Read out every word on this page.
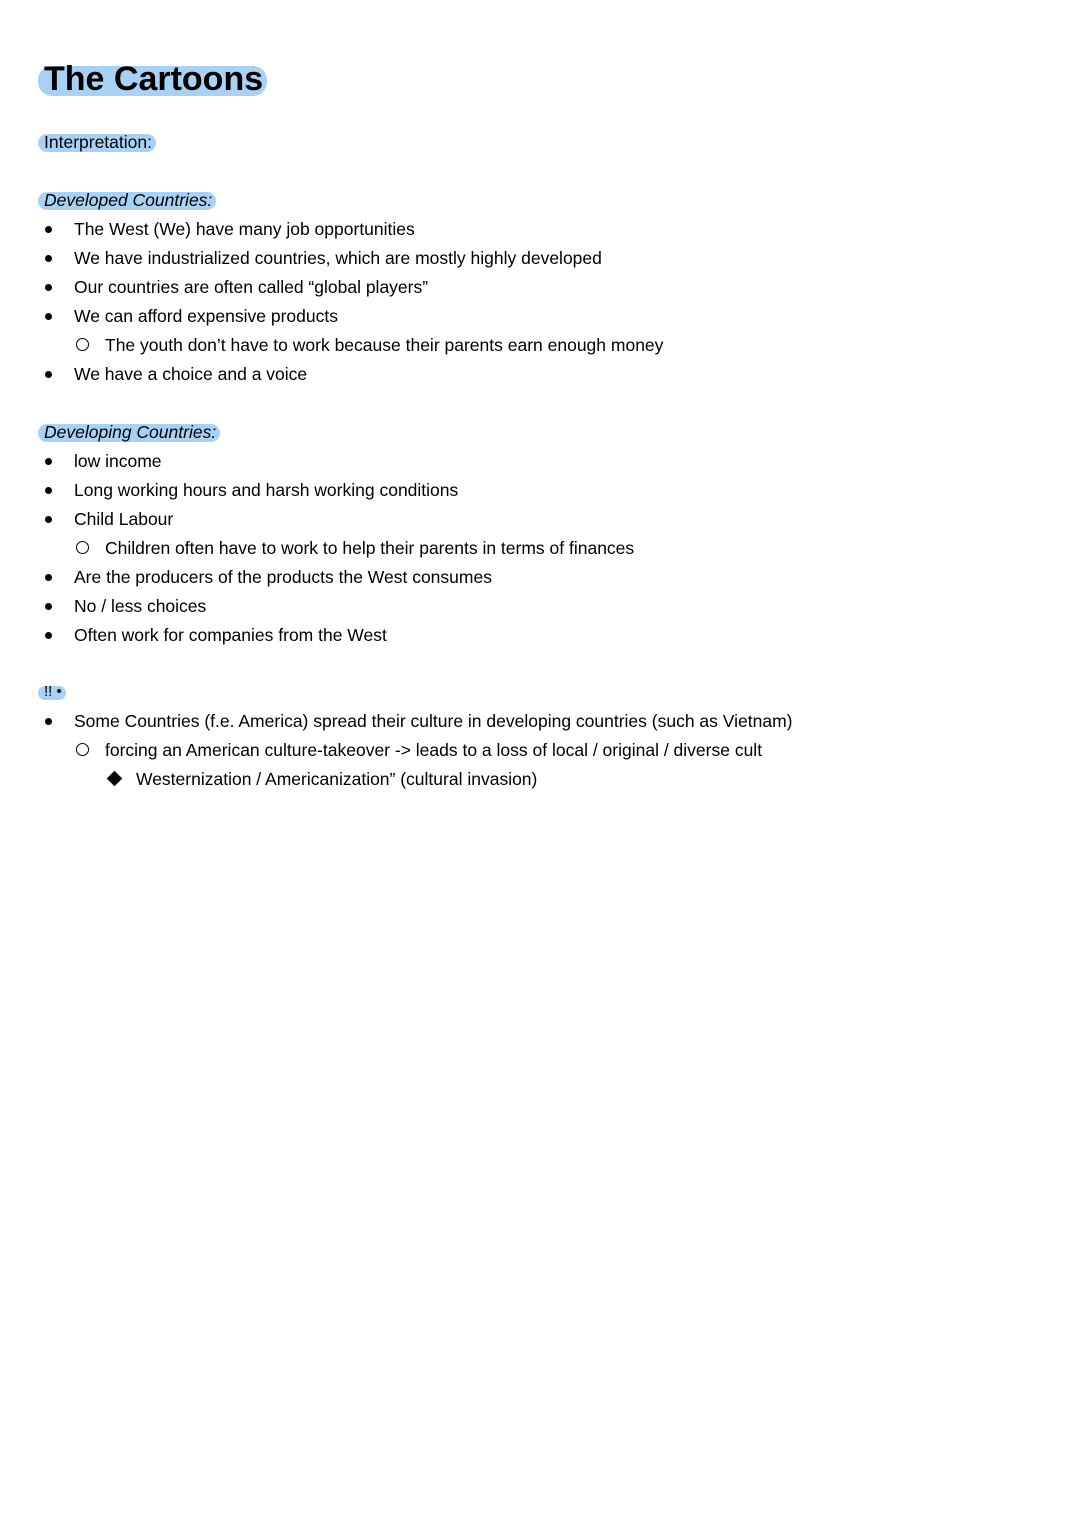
The Cartoons
Interpretation:
Developed Countries:
The West (We) have many job opportunities
We have industrialized countries, which are mostly highly developed
Our countries are often called “global players”
We can afford expensive products
The youth don’t have to work because their parents earn enough money
We have a choice and a voice
Developing Countries:
low income
Long working hours and harsh working conditions
Child Labour
Children often have to work to help their parents in terms of finances
Are the producers of the products the West consumes
No / less choices
Often work for companies from the West
!! •
Some Countries (f.e. America) spread their culture in developing countries (such as Vietnam)
forcing an American culture-takeover -> leads to a loss of local / original / diverse cult
Westernization / Americanization” (cultural invasion)
